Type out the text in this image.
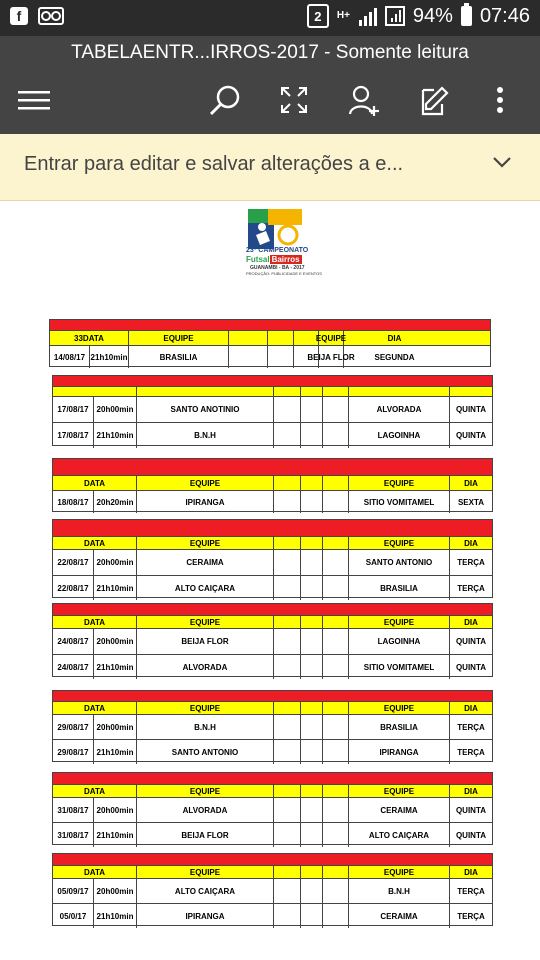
f	2	H+	94% 07:46
TABELAENTR...IRROS-2017 - Somente leitura
Entrar para editar e salvar alterações a e...
23º CAMPEONATO
Futsal Bairros
GUANAMBI - BA - 2017
PRODUÇÃO: PUBLICIDADE E EVENTOS
33DATA	EQUIPE	EQUIPE	DIA
14/08/17 21h10min	BRASILIA	BEIJA FLOR	SEGUNDA
17/08/17 20h00min	SANTO ANOTINIO	ALVORADA	QUINTA
17/08/17 21h10min	B.N.H	LAGOINHA	QUINTA
DATA	EQUIPE	EQUIPE	DIA
18/08/17 20h20min	IPIRANGA	SITIO VOMITAMEL	SEXTA
DATA	EQUIPE	EQUIPE	DIA
22/08/17 20h00min	CERAIMA	SANTO ANTONIO	TERÇA
22/08/17 21h10min	ALTO CAIÇARA	BRASILIA	TERÇA
DATA	EQUIPE	EQUIPE	DIA
24/08/17 20h00min	BEIJA FLOR	LAGOINHA	QUINTA
24/08/17 21h10min	ALVORADA	SITIO VOMITAMEL	QUINTA
DATA	EQUIPE	EQUIPE	DIA
29/08/17 20h00min	B.N.H	BRASILIA	TERÇA
29/08/17 21h10min	SANTO ANTONIO	IPIRANGA	TERÇA
DATA	EQUIPE	EQUIPE	DIA
31/08/17 20h00min	ALVORADA	CERAIMA	QUINTA
31/08/17 21h10min	BEIJA FLOR	ALTO CAIÇARA	QUINTA
DATA	EQUIPE	EQUIPE	DIA
05/09/17 20h00min	ALTO CAIÇARA	B.N.H	TERÇA
05/0/17	21h10min	IPIRANGA	CERAIMA	TERÇA
